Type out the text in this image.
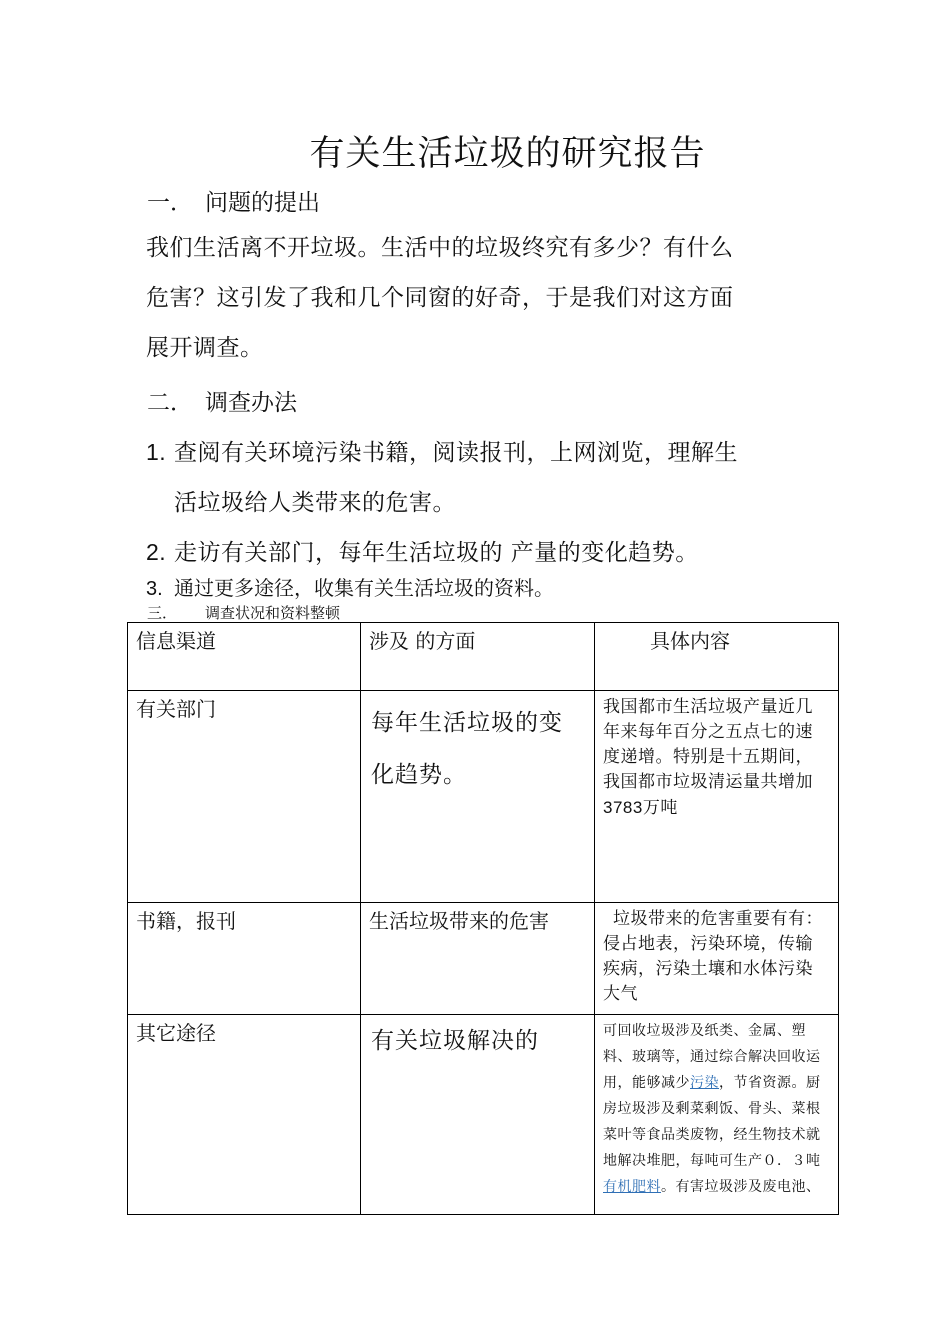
有关生活垃圾的研究报告
一． 问题的提出
我们生活离不开垃圾。生活中的垃圾终究有多少？有什么
危害？这引发了我和几个同窗的好奇，于是我们对这方面
展开调查。
二． 调查办法
1. 查阅有关环境污染书籍，阅读报刊，上网浏览，理解生
活垃圾给人类带来的危害。
2. 走访有关部门，每年生活垃圾的 产量的变化趋势。
3. 通过更多途径，收集有关生活垃圾的资料。
三． 调查状况和资料整顿
信息渠道	涉及 的方面	具体内容

有关部门	每年生活垃圾的变化趋势。	我国都市生活垃圾产量近几年来每年百分之五点七的速度递增。特别是十五期间，我国都市垃圾清运量共增加3783万吨

书籍，报刊	生活垃圾带来的危害	垃圾带来的危害重要有有：侵占地表，污染环境，传输疾病，污染土壤和水体污染大气

其它途径	有关垃圾解决的	可回收垃圾涉及纸类、金属、塑料、玻璃等，通过综合解决回收运用，能够减少污染，节省资源。厨房垃圾涉及剩菜剩饭、骨头、菜根菜叶等食品类废物，经生物技术就地解决堆肥，每吨可生产０．３吨有机肥料。有害垃圾涉及废电池、
